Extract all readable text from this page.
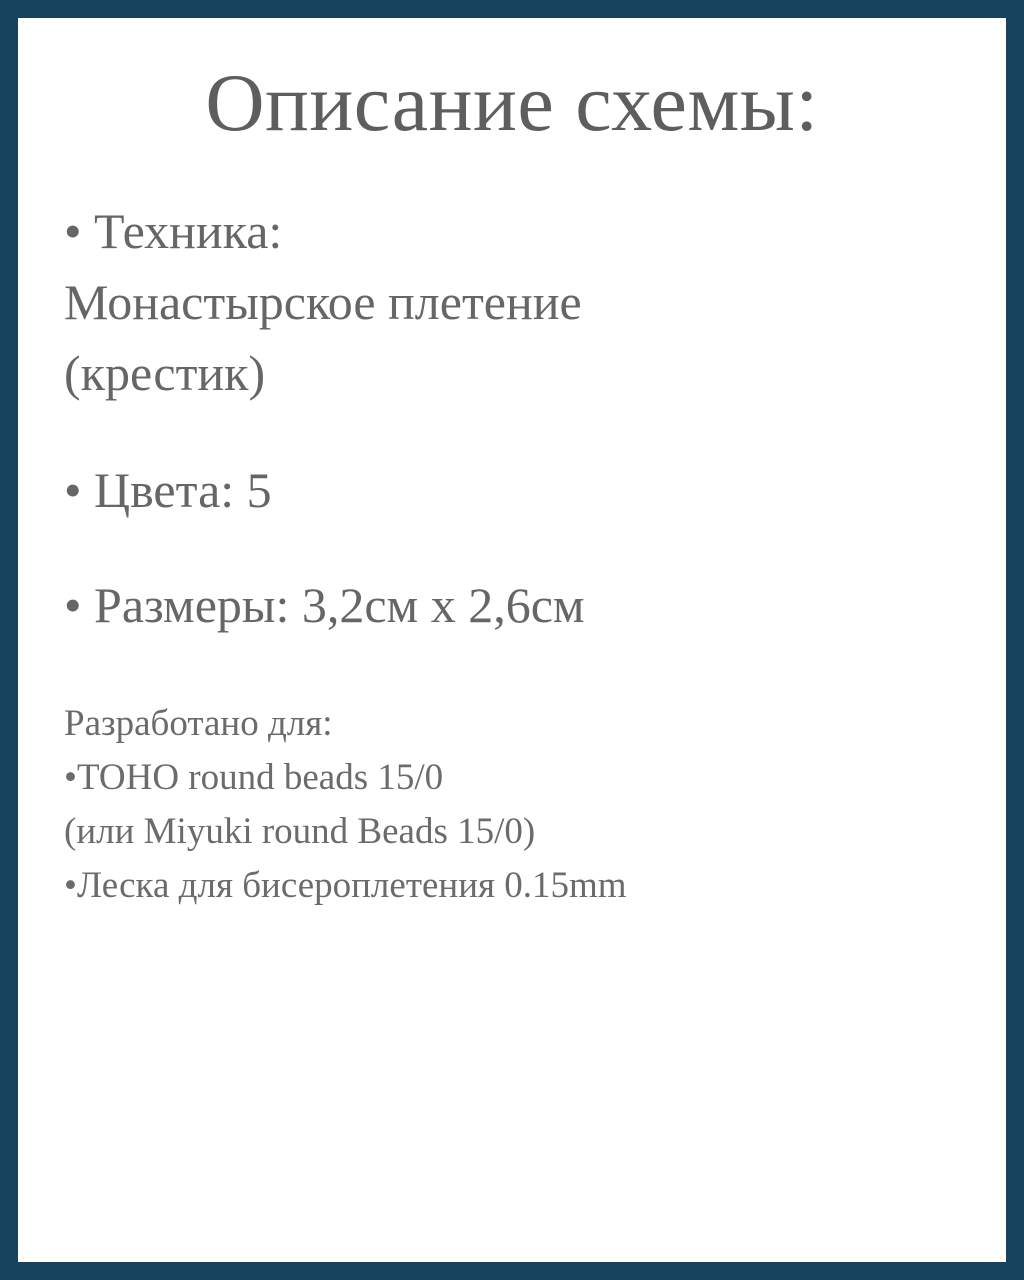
Описание схемы:
• Техника:
Монастырское плетение
(крестик)
• Цвета: 5
• Размеры: 3,2см х 2,6см
Разработано для:
•TOHO round beads 15/0
(или Miyuki round Beads 15/0)
•Леска для бисероплетения 0.15mm
